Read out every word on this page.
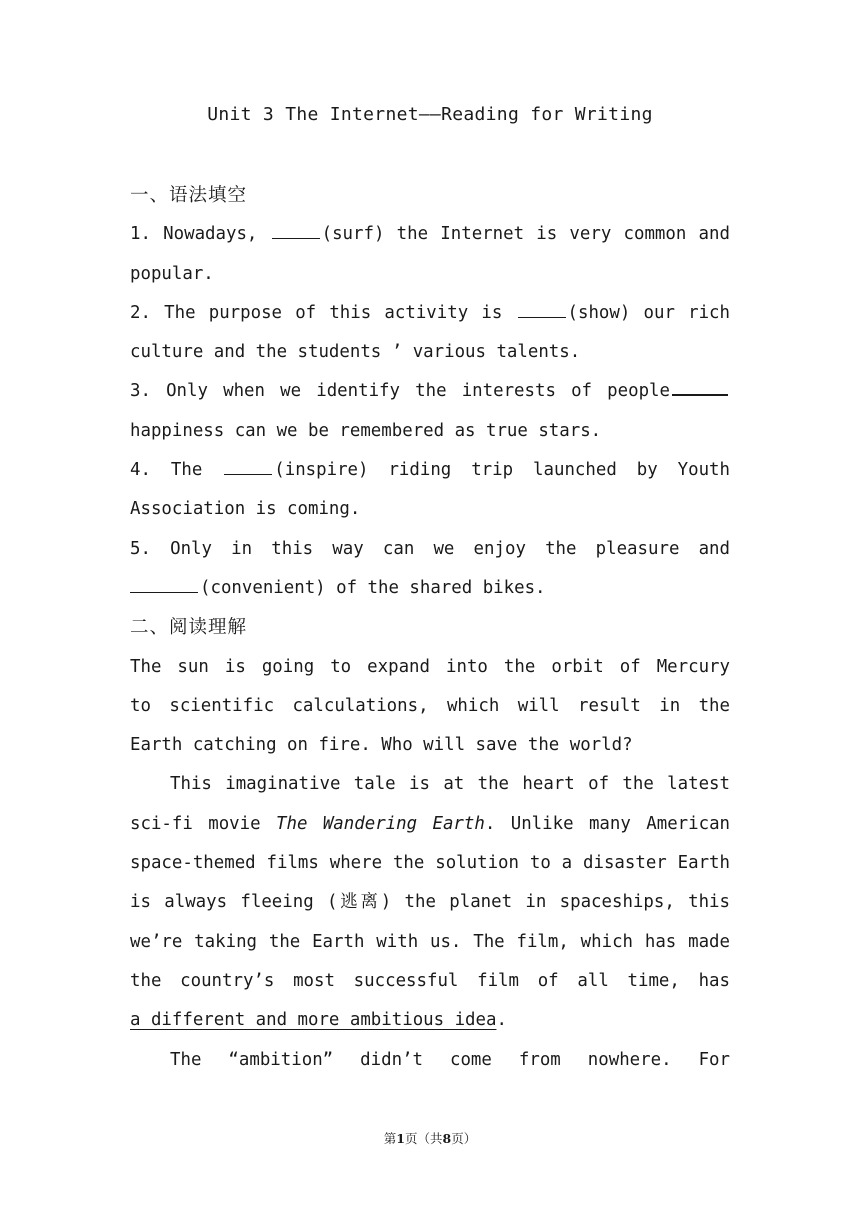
Unit 3 The Internet——Reading for Writing
一、语法填空
1. Nowadays,	(surf) the Internet is very common and
popular.
2. The purpose of this activity is	(show) our rich
culture and the students ’ various talents.
3. Only when we identify the interests of people
happiness can we be remembered as true stars.
4. The	(inspire) riding trip launched by Youth
Association is coming.
5. Only in this way can we enjoy the pleasure and
(convenient) of the shared bikes.
二、阅读理解
The sun is going to expand into the orbit of Mercury
to scientific calculations, which will result in the
Earth catching on fire. Who will save the world?
This imaginative tale is at the heart of the latest
sci-fi movie The Wandering Earth. Unlike many American
space-themed films where the solution to a disaster Earth
is always fleeing (逃离) the planet in spaceships, this
we’re taking the Earth with us. The film, which has made
the country’s most successful film of all time, has
a different and more ambitious idea.
The “ambition” didn’t come from nowhere. For
第1页（共8页）
